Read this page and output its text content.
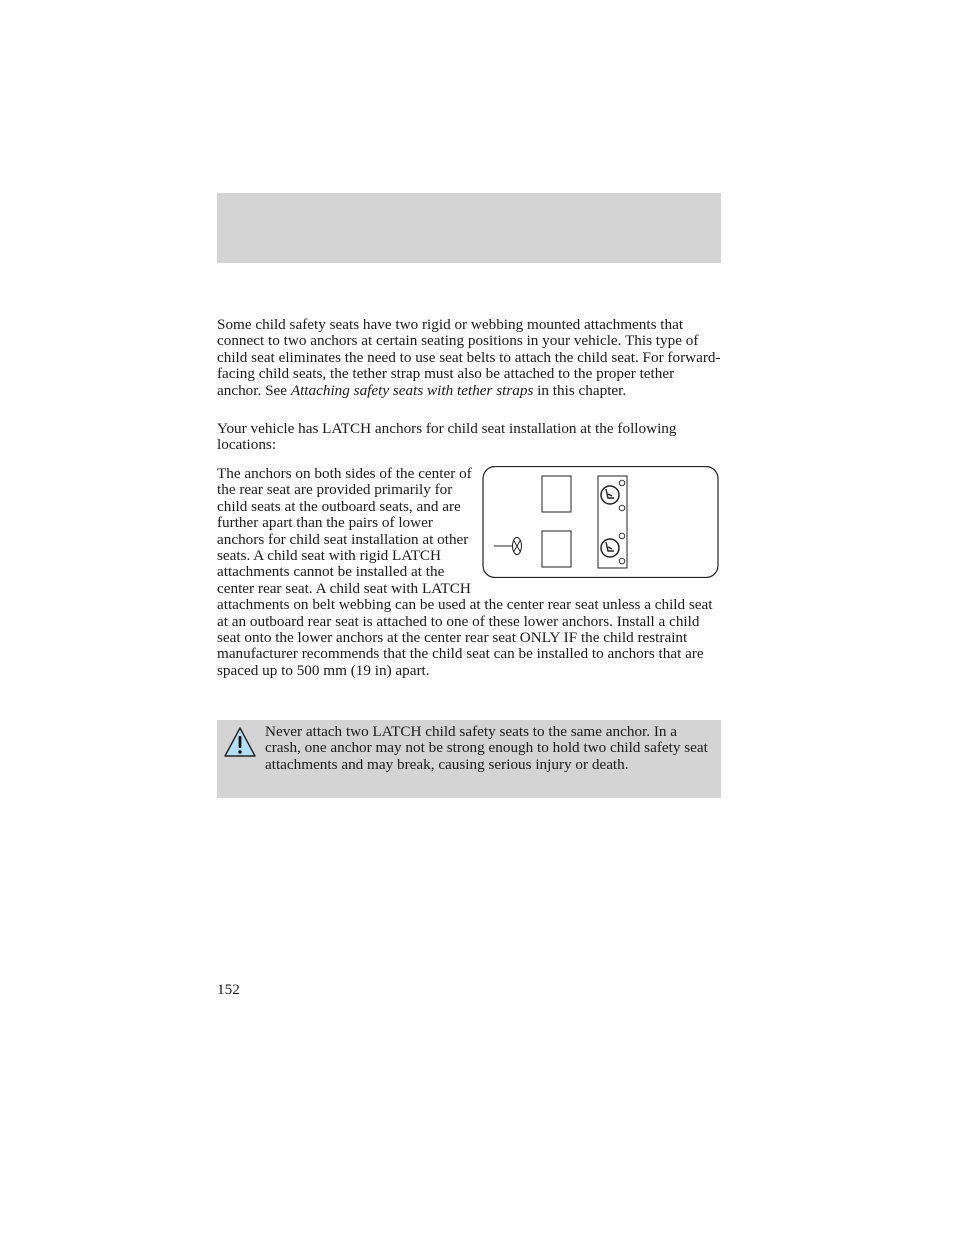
Some child safety seats have two rigid or webbing mounted attachments that connect to two anchors at certain seating positions in your vehicle. This type of child seat eliminates the need to use seat belts to attach the child seat. For forward-facing child seats, the tether strap must also be attached to the proper tether anchor. See Attaching safety seats with tether straps in this chapter.

Your vehicle has LATCH anchors for child seat installation at the following locations:

The anchors on both sides of the center of the rear seat are provided primarily for child seats at the outboard seats, and are further apart than the pairs of lower anchors for child seat installation at other seats. A child seat with rigid LATCH attachments cannot be installed at the center rear seat. A child seat with LATCH attachments on belt webbing can be used at the center rear seat unless a child seat at an outboard rear seat is attached to one of these lower anchors. Install a child seat onto the lower anchors at the center rear seat ONLY IF the child restraint manufacturer recommends that the child seat can be installed to anchors that are spaced up to 500 mm (19 in) apart.
Never attach two LATCH child safety seats to the same anchor. In a crash, one anchor may not be strong enough to hold two child safety seat attachments and may break, causing serious injury or death.
152
